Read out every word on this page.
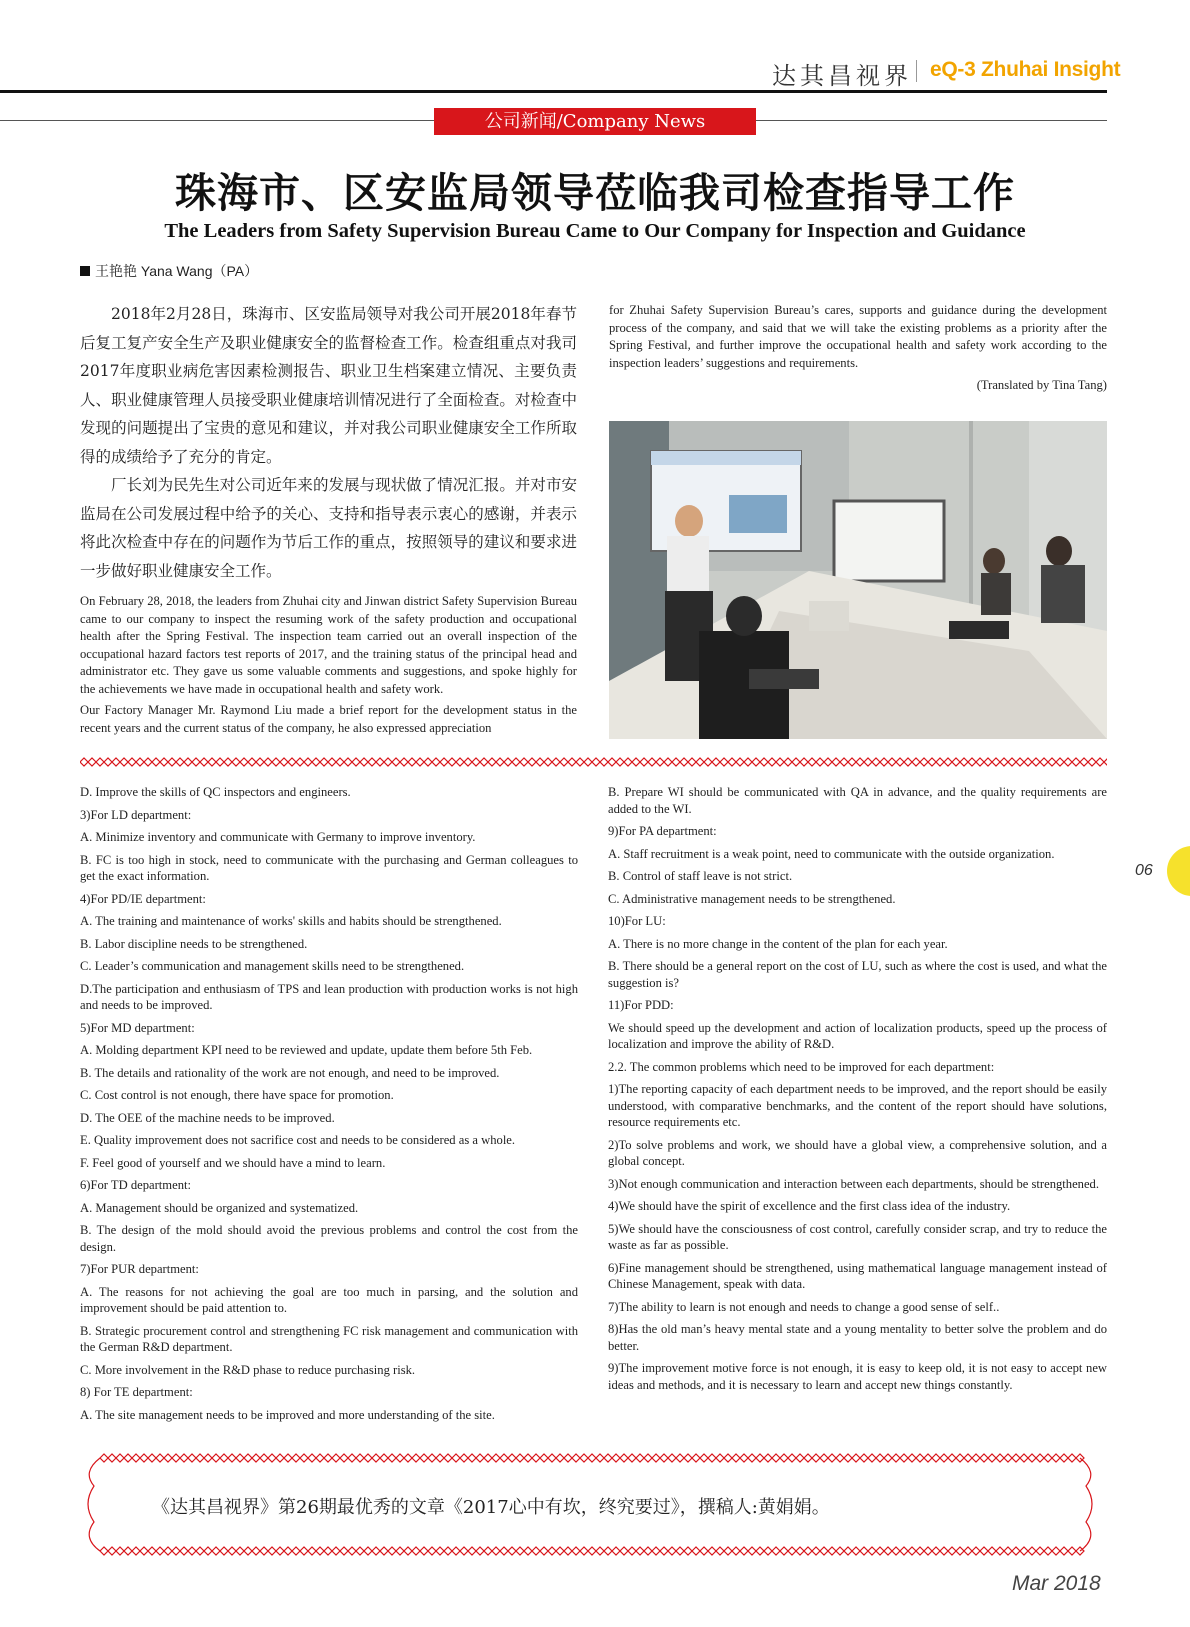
达其昌视界 eQ-3 Zhuhai Insight
公司新闻/Company News
珠海市、区安监局领导莅临我司检查指导工作
The Leaders from Safety Supervision Bureau Came to Our Company for Inspection and Guidance
王艳艳 Yana Wang（PA）

2018年2月28日，珠海市、区安监局领导对我公司开展2018年春节后复工复产安全生产及职业健康安全的监督检查工作。检查组重点对我司2017年度职业病危害因素检测报告、职业卫生档案建立情况、主要负责人、职业健康管理人员接受职业健康培训情况进行了全面检查。对检查中发现的问题提出了宝贵的意见和建议，并对我公司职业健康安全工作所取得的成绩给予了充分的肯定。

厂长刘为民先生对公司近年来的发展与现状做了情况汇报。并对市安监局在公司发展过程中给予的关心、支持和指导表示衷心的感谢，并表示将此次检查中存在的问题作为节后工作的重点，按照领导的建议和要求进一步做好职业健康安全工作。

On February 28, 2018, the leaders from Zhuhai city and Jinwan district Safety Supervision Bureau came to our company to inspect the resuming work of the safety production and occupational health after the Spring Festival. The inspection team carried out an overall inspection of the occupational hazard factors test reports of 2017, and the training status of the principal head and administrator etc. They gave us some valuable comments and suggestions, and spoke highly for the achievements we have made in occupational health and safety work.

Our Factory Manager Mr. Raymond Liu made a brief report for the development status in the recent years and the current status of the company, he also expressed appreciation

for Zhuhai Safety Supervision Bureau’s cares, supports and guidance during the development process of the company, and said that we will take the existing problems as a priority after the Spring Festival, and further improve the occupational health and safety work according to the inspection leaders’ suggestions and requirements.

(Translated by Tina Tang)

D. Improve the skills of QC inspectors and engineers.

3)For LD department:

A. Minimize inventory and communicate with Germany to improve inventory.

B. FC is too high in stock, need to communicate with the purchasing and German colleagues to get the exact information.

4)For PD/IE department:

A. The training and maintenance of works' skills and habits should be strengthened.

B. Labor discipline needs to be strengthened.

C. Leader’s communication and management skills need to be strengthened.

D.The participation and enthusiasm of TPS and lean production with production works is not high and needs to be improved.

5)For MD department:

A. Molding department KPI need to be reviewed and update, update them before 5th Feb.

B. The details and rationality of the work are not enough, and need to be improved.

C. Cost control is not enough, there have space for promotion.

D. The OEE of the machine needs to be improved.

E. Quality improvement does not sacrifice cost and needs to be considered as a whole.

F. Feel good of yourself and we should have a mind to learn.

6)For TD department:

A. Management should be organized and systematized.

B. The design of the mold should avoid the previous problems and control the cost from the design.

7)For PUR department:

A. The reasons for not achieving the goal are too much in parsing, and the solution and improvement should be paid attention to.

B. Strategic procurement control and strengthening FC risk management and communication with the German R&D department.

C. More involvement in the R&D phase to reduce purchasing risk.

8) For TE department:

A. The site management needs to be improved and more understanding of the site.

B. Prepare WI should be communicated with QA in advance, and the quality requirements are added to the WI.

9)For PA department:

A. Staff recruitment is a weak point, need to communicate with the outside organization.

B. Control of staff leave is not strict.

C. Administrative management needs to be strengthened.

10)For LU:

A. There is no more change in the content of the plan for each year.

B. There should be a general report on the cost of LU, such as where the cost is used, and what the suggestion is?

11)For PDD:

We should speed up the development and action of localization products, speed up the process of localization and improve the ability of R&D.

2.2. The common problems which need to be improved for each department:

1)The reporting capacity of each department needs to be improved, and the report should be easily understood, with comparative benchmarks, and the content of the report should have solutions, resource requirements etc.

2)To solve problems and work, we should have a global view, a comprehensive solution, and a global concept.

3)Not enough communication and interaction between each departments, should be strengthened.

4)We should have the spirit of excellence and the first class idea of the industry.

5)We should have the consciousness of cost control, carefully consider scrap, and try to reduce the waste as far as possible.

6)Fine management should be strengthened, using mathematical language management instead of Chinese Management, speak with data.

7)The ability to learn is not enough and needs to change a good sense of self..

8)Has the old man’s heavy mental state and a young mentality to better solve the problem and do better.

9)The improvement motive force is not enough, it is easy to keep old, it is not easy to accept new ideas and methods, and it is necessary to learn and accept new things constantly.

06
《达其昌视界》第26期最优秀的文章《2017心中有坎，终究要过》，撰稿人:黄娟娟。
Mar 2018
